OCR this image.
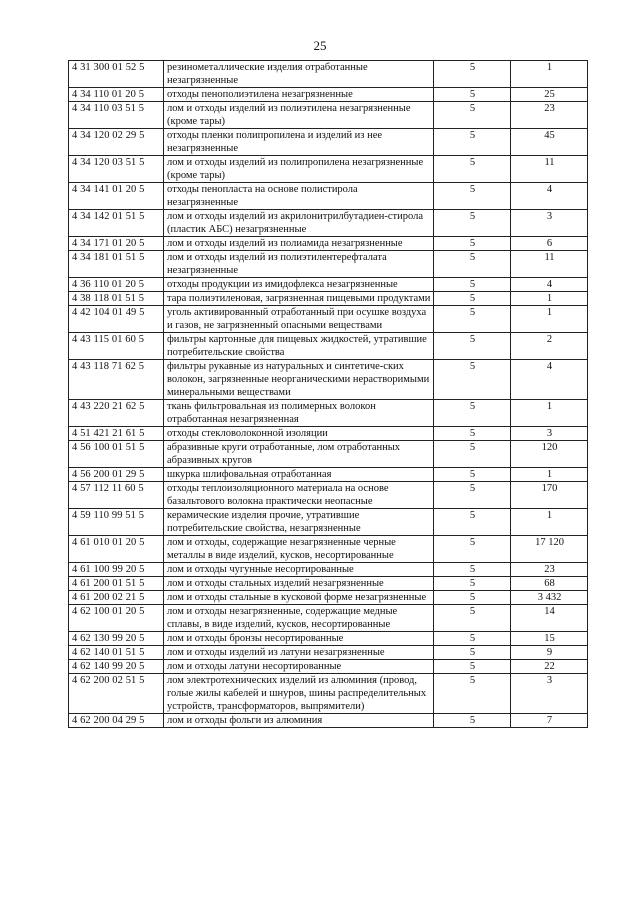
25
4 31 300 01 52 5	резинометаллические изделия отработанные незагрязненные	5	1
4 34 110 01 20 5	отходы пенополиэтилена незагрязненные	5	25
4 34 110 03 51 5	лом и отходы изделий из полиэтилена незагрязненные (кроме тары)	5	23
4 34 120 02 29 5	отходы пленки полипропилена и изделий из нее незагрязненные	5	45
4 34 120 03 51 5	лом и отходы изделий из полипропилена незагрязненные (кроме тары)	5	11
4 34 141 01 20 5	отходы пенопласта на основе полистирола незагрязненные	5	4
4 34 142 01 51 5	лом и отходы изделий из акрилонитрилбутадиен-стирола (пластик АБС) незагрязненные	5	3
4 34 171 01 20 5	лом и отходы изделий из полиамида незагрязненные	5	6
4 34 181 01 51 5	лом и отходы изделий из полиэтилентерефталата незагрязненные	5	11
4 36 110 01 20 5	отходы продукции из имидофлекса незагрязненные	5	4
4 38 118 01 51 5	тара полиэтиленовая, загрязненная пищевыми продуктами	5	1
4 42 104 01 49 5	уголь активированный отработанный при осушке воздуха и газов, не загрязненный опасными веществами	5	1
4 43 115 01 60 5	фильтры картонные для пищевых жидкостей, утратившие потребительские свойства	5	2
4 43 118 71 62 5	фильтры рукавные из натуральных и синтетиче-ских волокон, загрязненные неорганическими нерастворимыми минеральными веществами	5	4
4 43 220 21 62 5	ткань фильтровальная из полимерных волокон отработанная незагрязненная	5	1
4 51 421 21 61 5	отходы стекловолоконной изоляции	5	3
4 56 100 01 51 5	абразивные круги отработанные, лом отработанных абразивных кругов	5	120
4 56 200 01 29 5	шкурка шлифовальная отработанная	5	1
4 57 112 11 60 5	отходы теплоизоляционного материала на основе базальтового волокна практически неопасные	5	170
4 59 110 99 51 5	керамические изделия прочие, утратившие потребительские свойства, незагрязненные	5	1
4 61 010 01 20 5	лом и отходы, содержащие незагрязненные черные металлы в виде изделий, кусков, несортированные	5	17 120
4 61 100 99 20 5	лом и отходы чугунные несортированные	5	23
4 61 200 01 51 5	лом и отходы стальных изделий незагрязненные	5	68
4 61 200 02 21 5	лом и отходы стальные в кусковой форме незагрязненные	5	3 432
4 62 100 01 20 5	лом и отходы незагрязненные, содержащие медные сплавы, в виде изделий, кусков, несортированные	5	14
4 62 130 99 20 5	лом и отходы бронзы несортированные	5	15
4 62 140 01 51 5	лом и отходы изделий из латуни незагрязненные	5	9
4 62 140 99 20 5	лом и отходы латуни несортированные	5	22
4 62 200 02 51 5	лом электротехнических изделий из алюминия (провод, голые жилы кабелей и шнуров, шины распределительных устройств, трансформаторов, выпрямители)	5	3
4 62 200 04 29 5	лом и отходы фольги из алюминия	5	7
